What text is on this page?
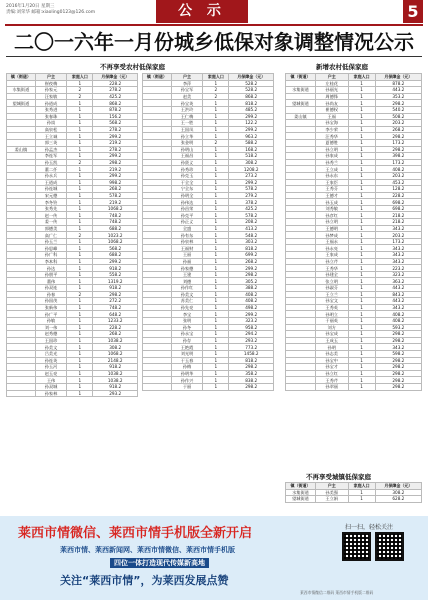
2016年1月20日 星期三
责编:刘荣华 邮箱:xiaoling0123@126.com	公 示	5
二〇一六年一月份城乡低保对象调整情况公示
不再享受农村低保家庭	新增农村低保家庭
不再享受城镇低保家庭
镇（街道）	户主	家庭人口	月保障金（元）
	崔夜梅	1	228.2
水集街道	孙家元	2	278.2
	汪家敏	2	425.2
望城街道	孙道成	1	868.2
	张秀进	1	878.2
	张春珠	1	156.2
	孙岚	1	568.2
	高泉松	1	278.2
	王立诚	1	299.2
	郭三英	1	219.2
姜山镇	孙孟杰	1	278.2
	李连军	1	299.2
	孙玉凯	2	298.2
	董二仟	1	219.2
	孙永兵	1	299.2
	王道成	1	998.2
	孙连城	1	268.2
	宋元德	1	578.2
	李冬铃	1	219.2
	张秀先	1	1068.2
	赵一传	1	748.2
	姜一传	1	748.2
	郭德美	1	688.2
	高广仁	2	1023.2
	孙玉兰	1	1068.2
	孙思峰	1	568.2
	孙广科	1	688.2
	李本科	1	299.2
	孙达	1	918.2
	孙朋平	1	558.2
	董伟	1	1319.2
	孙双连	1	918.2
	孙春	2	298.2
	孙国茂	1	272.2
	张新伟	1	748.2
	孙广平	1	648.2
	孙敏	1	1233.2
	刘一伟	1	228.2
	赵秀德	1	268.2
	王国珍	1	1038.2
	孙美文	1	308.2
	吕美光	1	1068.2
	孙连英	1	2148.2
	孙玉河	1	918.2
	赵玉亮	1	1038.2
	王伟	1	1038.2
	孙双城	1	918.2
	孙家林	1	293.2
镇（街道）	户主	家庭人口	月保障金（元）
	李萍	1	528.2
	孙宝军	2	528.2
	赵美	2	868.2
	孙宝英	1	818.2
	王洪玲	1	485.2
	王仁梅	1	299.2
	王一胜	1	122.2
	王国凤	1	299.2
	孙立华	1	963.2
	张金明	2	588.2
	孙明山	1	168.2
	王福昌	1	518.2
	孙贤义	1	308.2
	孙秀珍	1	1208.2
	孙克玉	1	273.2
	于全全	1	299.2
	宁全东	1	578.2
	孙明全	1	279.2
	孙伟达	1	378.2
	孙昌荣	1	425.2
	孙克平	1	578.2
	孙正义	1	208.2
	全盛	1	413.2
	孙有东	1	548.2
	孙泉林	1	303.2
	王福财	1	818.2
	王丽	1	699.2
	孙福	1	268.2
	孙家德	1	299.2
	王建	1	298.2
	刘德	1	305.2
	孙作红	1	388.2
	孙美文	1	408.2
	苏美仁	1	408.2
	孙先亮	1	498.2
	李宝	1	299.2
	张明	1	323.2
	孙冬	1	958.2
	孙永宝	1	294.2
	孙存	1	293.2
	王艳霞	1	773.2
	刘光明	1	1458.2
	于玉春	1	818.2
	孙梅	1	298.2
	孙明华	1	358.2
	孙作兴	1	838.2
	于丽	1	298.2
镇（街道）	户主	家庭人口	月保障金（元）
	左桂花	1	878.2
水集街道	孙丽光	1	443.2
	周德锋	1	353.2
望城街道	孙尚友	1	298.2
	崔德权	1	540.2
姜山镇	王福	1	508.2
	孙宝海	1	203.2
	李少荣	1	268.2
	汪秀华	1	298.2
	夏德胜	1	173.2
	孙立明	1	298.2
	孙家成	1	398.2
	孙秀兰	1	173.2
	王立成	1	408.2
	孙永东	1	203.2
	王家臣	1	453.2
	王秀芬	1	128.2
	王德才	1	228.2
	孙玉成	1	698.2
	刘秀敏	1	698.2
	孙彦红	1	218.2
	孙立明	1	218.2
	王德明	1	343.2
	孙梦成	1	203.2
	王福永	1	173.2
	孙永亮	1	343.2
	王家成	1	343.2
	孙立芹	1	343.2
	王秀华	1	223.2
	孙建全	1	323.2
	张立明	1	363.2
	孙淑芬	1	443.2
	王立兰	1	843.2
	孙宝文	1	443.2
	王秀英	1	343.2
	孙明立	1	408.2
	于丽英	1	408.2
	刘方	1	593.2
	孙宝成	1	298.2
	王成玉	1	298.2
	孙明	1	343.2
	孙志美	1	598.2
	孙宝中	1	298.2
	孙宝才	1	298.2
	孙立红	1	298.2
	王秀芹	1	298.2
	孙翠丽	1	298.2
镇（街道）	户主	家庭人口	月保障金（元）
水集街道	孙美强	1	308.2
望城街道	王立娟	1	628.2
莱西市情微信、莱西市情手机版全新开启
莱西市情、莱西新闻网、莱西市情微信、莱西市情手机版
四位一体打造现代传媒新高地
关注“莱西市情”，为莱西发展点赞
扫一扫，轻松关注
莱西市情微信二维码 莱西市情手机版二维码
